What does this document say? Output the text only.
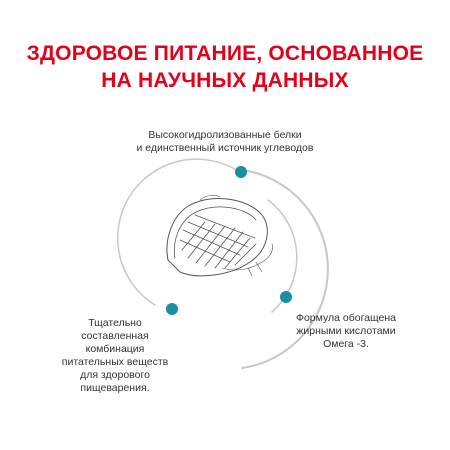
ЗДОРОВОЕ ПИТАНИЕ, ОСНОВАННОЕ
НА НАУЧНЫХ ДАННЫХ
Высокогидролизованные белки
и единственный источник углеводов
Формула обогащена
жирными кислотами
Омега -3.
Тщательно
составленная
комбинация
питательных веществ
для здорового
пищеварения.
